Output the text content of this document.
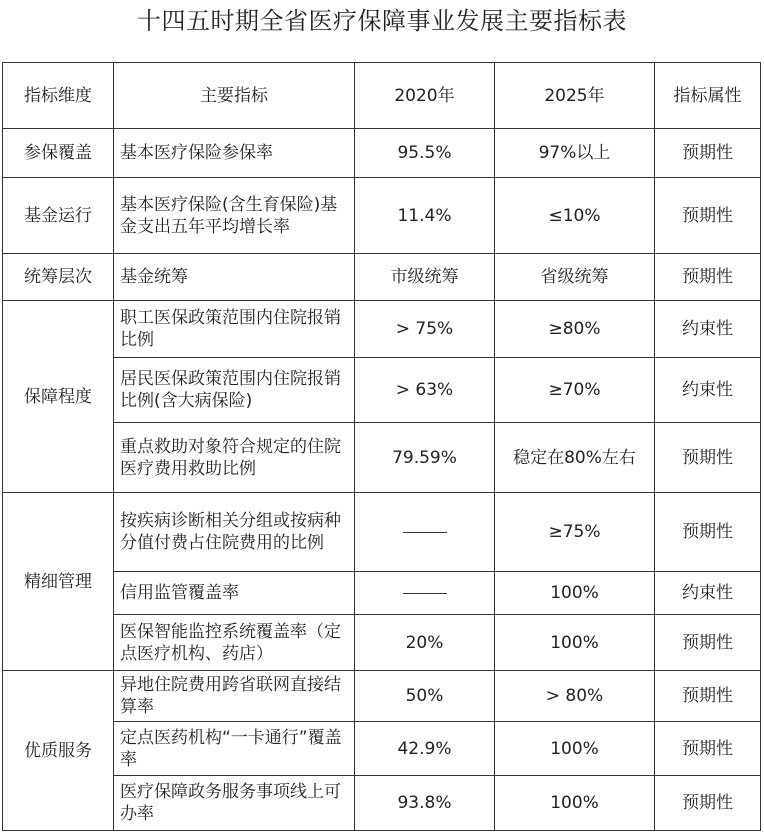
十四五时期全省医疗保障事业发展主要指标表
指标维度	主要指标	2020年	2025年	指标属性
参保覆盖	基本医疗保险参保率	95.5%	97%以上	预期性
基金运行	基本医疗保险(含生育保险)基金支出五年平均增长率	11.4%	≤10%	预期性
统筹层次	基金统筹	市级统筹	省级统筹	预期性
保障程度	职工医保政策范围内住院报销比例	> 75%	≥80%	约束性
	居民医保政策范围内住院报销比例(含大病保险)	> 63%	≥70%	约束性
	重点救助对象符合规定的住院医疗费用救助比例	79.59%	稳定在80%左右	预期性
精细管理	按疾病诊断相关分组或按病种分值付费占住院费用的比例		≥75%	预期性
	信用监管覆盖率		100%	约束性
	医保智能监控系统覆盖率（定点医疗机构、药店）	20%	100%	预期性
优质服务	异地住院费用跨省联网直接结算率	50%	> 80%	预期性
	定点医药机构“一卡通行”覆盖率	42.9%	100%	预期性
	医疗保障政务服务事项线上可办率	93.8%	100%	预期性
